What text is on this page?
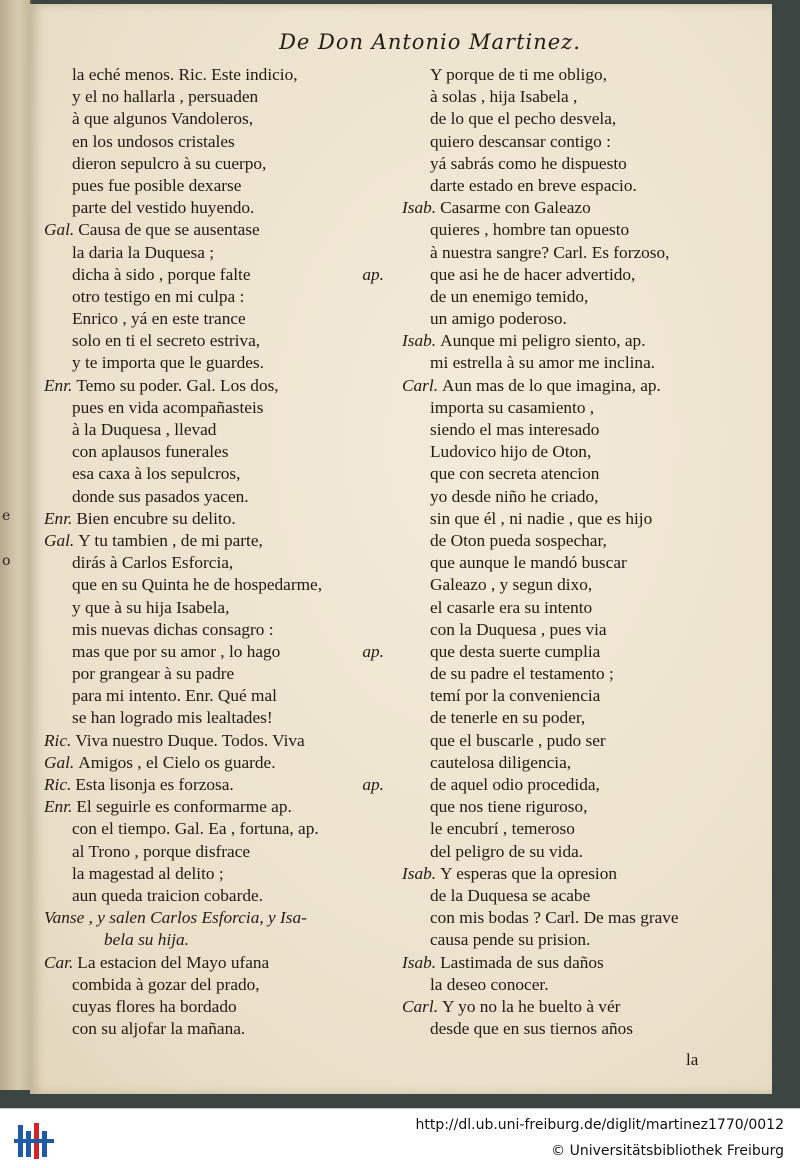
e
o
De Don Antonio Martinez.
la eché menos. Ric. Este indicio,
y el no hallarla , persuaden
à que algunos Vandoleros,
en los undosos cristales
dieron sepulcro à su cuerpo,
pues fue posible dexarse
parte del vestido huyendo.
Gal. Causa de que se ausentase
la daria la Duquesa ;
dicha à sido , porque falte	ap.
otro testigo en mi culpa :
Enrico , yá en este trance
solo en ti el secreto estriva,
y te importa que le guardes.
Enr. Temo su poder. Gal. Los dos,
pues en vida acompañasteis
à la Duquesa , llevad
con aplausos funerales
esa caxa à los sepulcros,
donde sus pasados yacen.
Enr. Bien encubre su delito.
Gal. Y tu tambien , de mi parte,
dirás à Carlos Esforcia,
que en su Quinta he de hospedarme,
y que à su hija Isabela,
mis nuevas dichas consagro :
mas que por su amor , lo hago	ap.
por grangear à su padre
para mi intento. Enr. Qué mal
se han logrado mis lealtades!
Ric. Viva nuestro Duque. Todos. Viva
Gal. Amigos , el Cielo os guarde.
Ric. Esta lisonja es forzosa.	ap.
Enr. El seguirle es conformarme ap.
con el tiempo. Gal. Ea , fortuna, ap.
al Trono , porque disfrace
la magestad al delito ;
aun queda traicion cobarde.
Vanse , y salen Carlos Esforcia, y Isa-
bela su hija.
Car. La estacion del Mayo ufana
combida à gozar del prado,
cuyas flores ha bordado
con su aljofar la mañana.
Y porque de ti me obligo,
à solas , hija Isabela ,
de lo que el pecho desvela,
quiero descansar contigo :
yá sabrás como he dispuesto
darte estado en breve espacio.
Isab. Casarme con Galeazo
quieres , hombre tan opuesto
à nuestra sangre? Carl. Es forzoso,
que asi he de hacer advertido,
de un enemigo temido,
un amigo poderoso.
Isab. Aunque mi peligro siento, ap.
mi estrella à su amor me inclina.
Carl. Aun mas de lo que imagina, ap.
importa su casamiento ,
siendo el mas interesado
Ludovico hijo de Oton,
que con secreta atencion
yo desde niño he criado,
sin que él , ni nadie , que es hijo
de Oton pueda sospechar,
que aunque le mandó buscar
Galeazo , y segun dixo,
el casarle era su intento
con la Duquesa , pues via
que desta suerte cumplia
de su padre el testamento ;
temí por la conveniencia
de tenerle en su poder,
que el buscarle , pudo ser
cautelosa diligencia,
de aquel odio procedida,
que nos tiene riguroso,
le encubrí , temeroso
del peligro de su vida.
Isab. Y esperas que la opresion
de la Duquesa se acabe
con mis bodas ? Carl. De mas grave
causa pende su prision.
Isab. Lastimada de sus daños
la deseo conocer.
Carl. Y yo no la he buelto à vér
desde que en sus tiernos años
la
http://dl.ub.uni-freiburg.de/diglit/martinez1770/0012
© Universitätsbibliothek Freiburg
